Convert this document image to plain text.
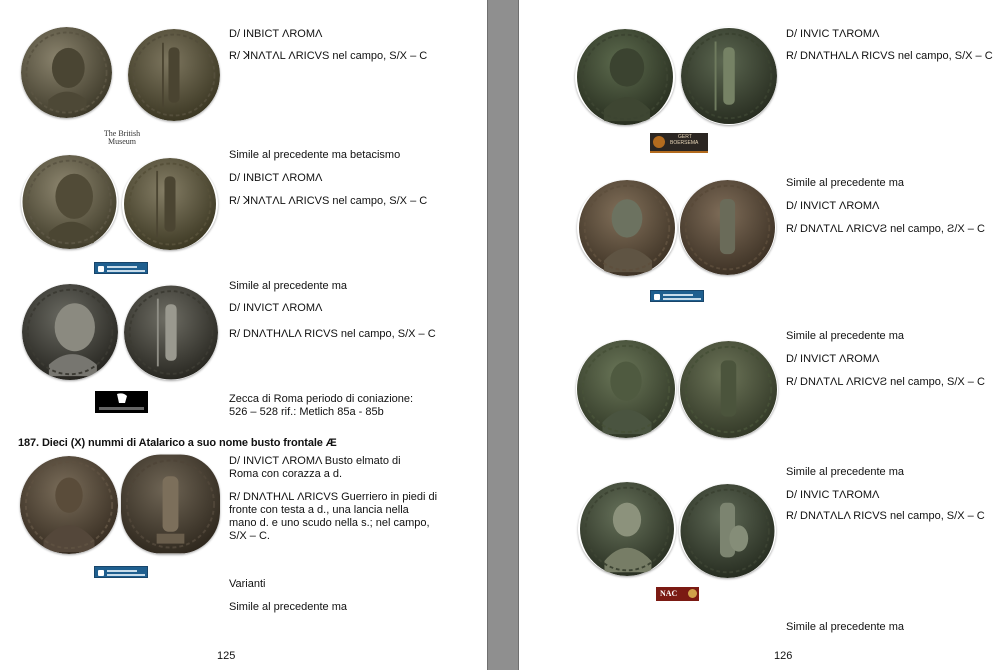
D/ INBICT ΛROMΛ
R/ ꓘNΛTΛL ΛRICVS nel campo, S/X – C
The British Museum
Simile al precedente ma betacismo
D/ INBICT ΛROMΛ
R/ ꓘNΛTΛL ΛRICVS nel campo, S/X – C
Simile al precedente ma
D/ INVICT ΛROMΛ
R/ DNΛTHΛLΛ RICVS nel campo, S/X – C
Zecca di Roma periodo di coniazione: 526 – 528 rif.: Metlich 85a - 85b
187. Dieci (X) nummi di Atalarico a suo nome busto frontale Æ
D/ INVICT ΛROMΛ Busto elmato di Roma con corazza a d.
R/ DNΛTHΛL ΛRICVS Guerriero in piedi di fronte con testa a d., una lancia nella mano d. e uno scudo nella s.; nel campo, S/X – C.
Varianti
Simile al precedente ma
125
D/ INVIC TΛROMΛ
R/ DNΛTHΛLΛ RICVS nel campo, S/X – C
GERT
BOERSEMA
Simile al precedente ma
D/ INVICT ΛROMΛ
R/ DNΛTΛL ΛRICVƧ nel campo, Ƨ/X – C
Simile al precedente ma
D/ INVICT ΛROMΛ
R/ DNΛTΛL ΛRICVƧ nel campo, S/X – C
Simile al precedente ma
D/ INVIC TΛROMΛ
R/ DNΛTΛLΛ RICVS nel campo, S/X – C
NAC
Simile al precedente ma
126
